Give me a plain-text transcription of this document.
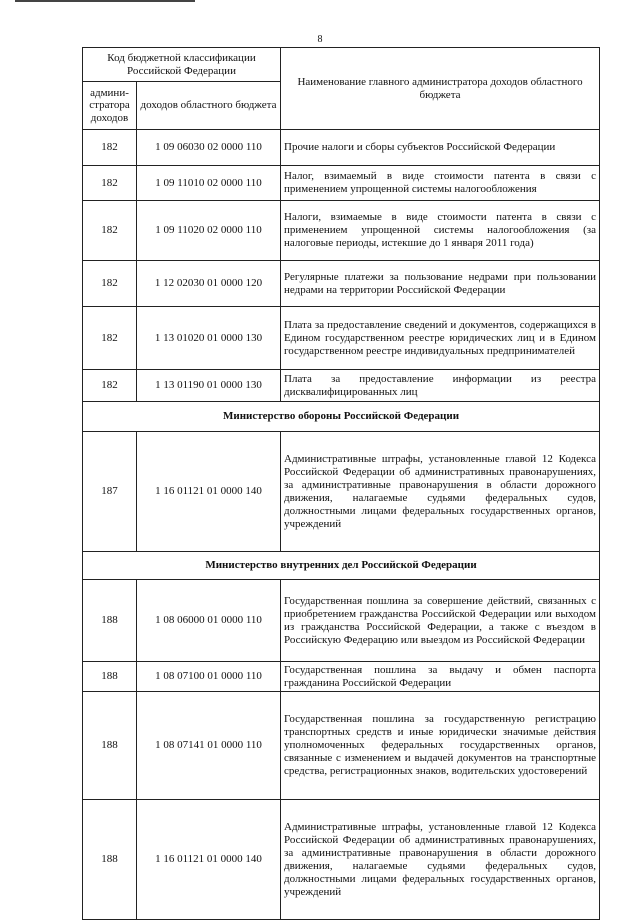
8
Код бюджетной классификации Российской Федерации		Наименование главного администратора доходов областного бюджета
админи-стратора доходов	доходов областного бюджета	
182	1 09 06030 02 0000 110	Прочие налоги и сборы субъектов Российской Федерации
182	1 09 11010 02 0000 110	Налог, взимаемый в виде стоимости патента в связи с применением упрощенной системы налогообложения
182	1 09 11020 02 0000 110	Налоги, взимаемые в виде стоимости патента в связи с применением упрощенной системы налогообложения (за налоговые периоды, истекшие до 1 января 2011 года)
182	1 12 02030 01 0000 120	Регулярные платежи за пользование недрами при пользовании недрами на территории Российской Федерации
182	1 13 01020 01 0000 130	Плата за предоставление сведений и документов, содержащихся в Едином государственном реестре юридических лиц и в Едином государственном реестре индивидуальных предпринимателей
182	1 13 01190 01 0000 130	Плата за предоставление информации из реестра дисквалифицированных лиц
Министерство обороны Российской Федерации		
187	1 16 01121 01 0000 140	Административные штрафы, установленные главой 12 Кодекса Российской Федерации об административных правонарушениях, за административные правонарушения в области дорожного движения, налагаемые судьями федеральных судов, должностными лицами федеральных государственных органов, учреждений
Министерство внутренних дел Российской Федерации		
188	1 08 06000 01 0000 110	Государственная пошлина за совершение действий, связанных с приобретением гражданства Российской Федерации или выходом из гражданства Российской Федерации, а также с въездом в Российскую Федерацию или выездом из Российской Федерации
188	1 08 07100 01 0000 110	Государственная пошлина за выдачу и обмен паспорта гражданина Российской Федерации
188	1 08 07141 01 0000 110	Государственная пошлина за государственную регистрацию транспортных средств и иные юридически значимые действия уполномоченных федеральных государственных органов, связанные с изменением и выдачей документов на транспортные средства, регистрационных знаков, водительских удостоверений
188	1 16 01121 01 0000 140	Административные штрафы, установленные главой 12 Кодекса Российской Федерации об административных правонарушениях, за административные правонарушения в области дорожного движения, налагаемые судьями федеральных судов, должностными лицами федеральных государственных органов, учреждений
